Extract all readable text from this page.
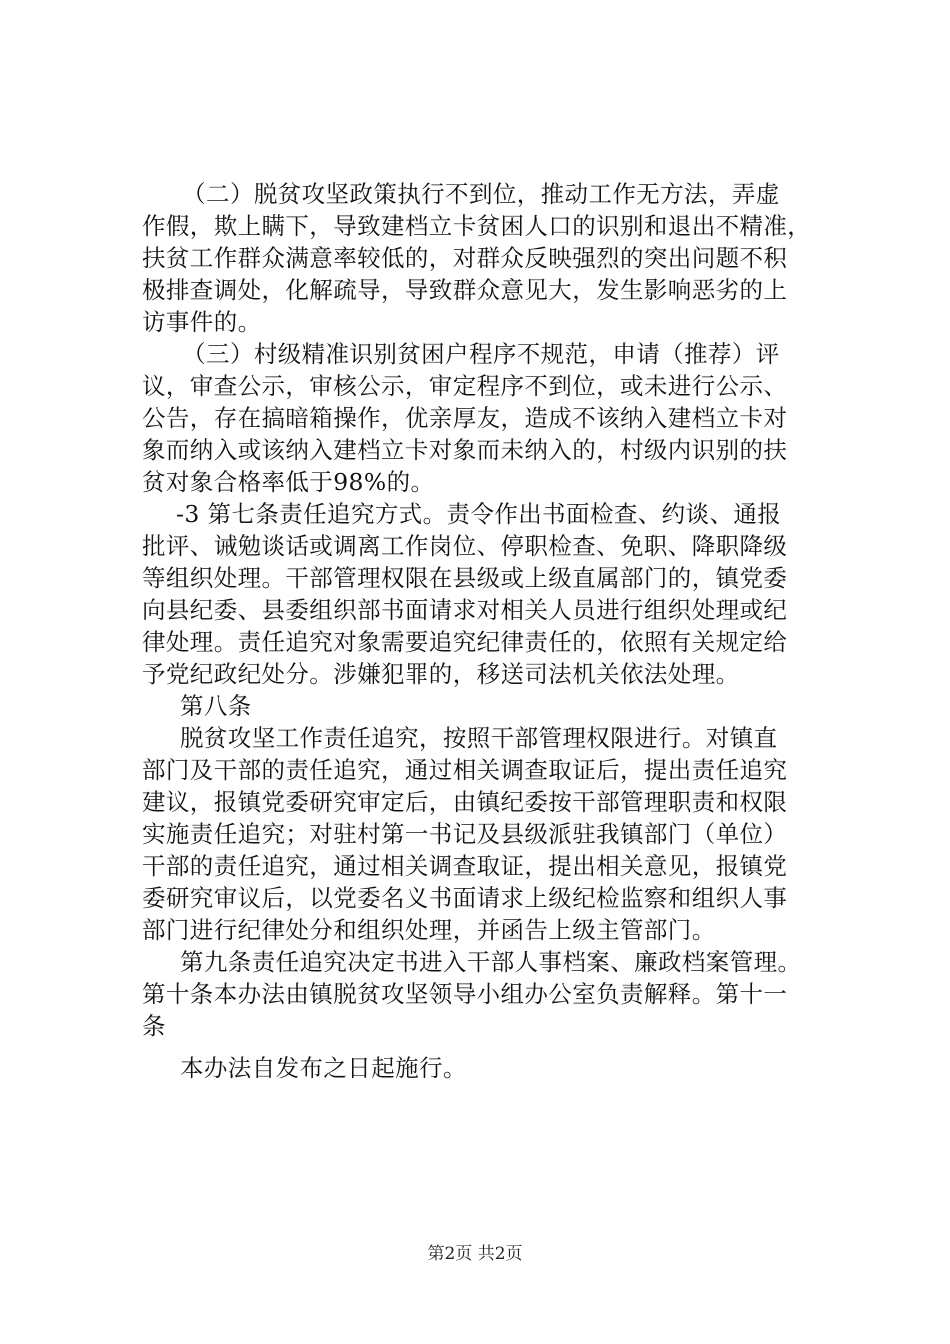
　（二）脱贫攻坚政策执行不到位，推动工作无方法，弄虚
作假，欺上瞒下，导致建档立卡贫困人口的识别和退出不精准，
扶贫工作群众满意率较低的，对群众反映强烈的突出问题不积
极排查调处，化解疏导，导致群众意见大，发生影响恶劣的上
访事件的。
　（三）村级精准识别贫困户程序不规范，申请（推荐）评
议，审查公示，审核公示，审定程序不到位，或未进行公示、
公告，存在搞暗箱操作，优亲厚友，造成不该纳入建档立卡对
象而纳入或该纳入建档立卡对象而未纳入的，村级内识别的扶
贫对象合格率低于98%的。
-3 第七条责任追究方式。责令作出书面检查、约谈、通报
批评、诫勉谈话或调离工作岗位、停职检查、免职、降职降级
等组织处理。干部管理权限在县级或上级直属部门的，镇党委
向县纪委、县委组织部书面请求对相关人员进行组织处理或纪
律处理。责任追究对象需要追究纪律责任的，依照有关规定给
予党纪政纪处分。涉嫌犯罪的，移送司法机关依法处理。
第八条
脱贫攻坚工作责任追究，按照干部管理权限进行。对镇直
部门及干部的责任追究，通过相关调查取证后，提出责任追究
建议，报镇党委研究审定后，由镇纪委按干部管理职责和权限
实施责任追究；对驻村第一书记及县级派驻我镇部门（单位）
干部的责任追究，通过相关调查取证，提出相关意见，报镇党
委研究审议后，以党委名义书面请求上级纪检监察和组织人事
部门进行纪律处分和组织处理，并函告上级主管部门。
第九条责任追究决定书进入干部人事档案、廉政档案管理。
第十条本办法由镇脱贫攻坚领导小组办公室负责解释。第十一
条
本办法自发布之日起施行。
第2页 共2页
